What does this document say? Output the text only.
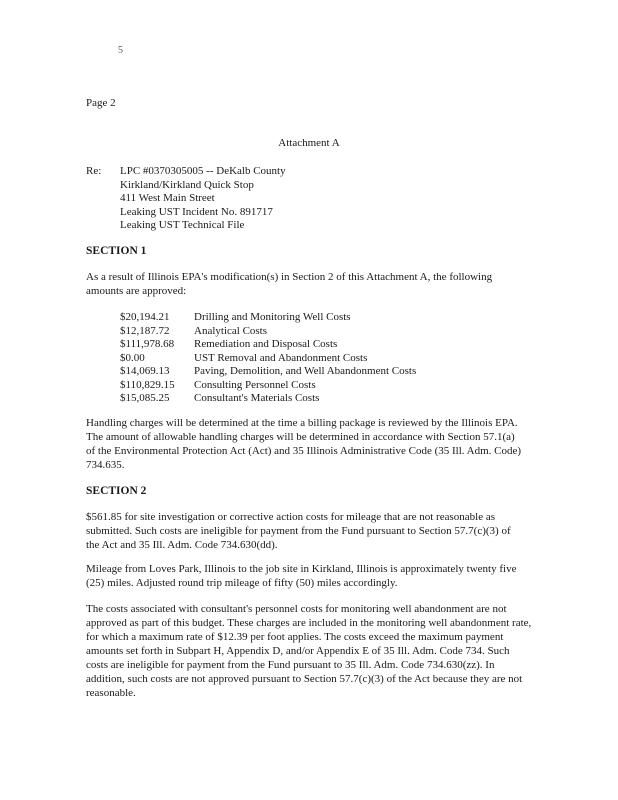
5
Page 2
Attachment A
Re: LPC #0370305005 -- DeKalb County
Kirkland/Kirkland Quick Stop
411 West Main Street
Leaking UST Incident No. 891717
Leaking UST Technical File
SECTION 1

As a result of Illinois EPA's modification(s) in Section 2 of this Attachment A, the following amounts are approved:

$20,194.21 Drilling and Monitoring Well Costs
$12,187.72 Analytical Costs
$111,978.68 Remediation and Disposal Costs
$0.00	UST Removal and Abandonment Costs
$14,069.13 Paving, Demolition, and Well Abandonment Costs
$110,829.15 Consulting Personnel Costs
$15,085.25 Consultant's Materials Costs

Handling charges will be determined at the time a billing package is reviewed by the Illinois EPA. The amount of allowable handling charges will be determined in accordance with Section 57.1(a) of the Environmental Protection Act (Act) and 35 Illinois Administrative Code (35 Ill. Adm. Code) 734.635.

SECTION 2

$561.85 for site investigation or corrective action costs for mileage that are not reasonable as submitted. Such costs are ineligible for payment from the Fund pursuant to Section 57.7(c)(3) of the Act and 35 Ill. Adm. Code 734.630(dd).

Mileage from Loves Park, Illinois to the job site in Kirkland, Illinois is approximately twenty five (25) miles. Adjusted round trip mileage of fifty (50) miles accordingly.

The costs associated with consultant's personnel costs for monitoring well abandonment are not approved as part of this budget. These charges are included in the monitoring well abandonment rate, for which a maximum rate of $12.39 per foot applies. The costs exceed the maximum payment amounts set forth in Subpart H, Appendix D, and/or Appendix E of 35 Ill. Adm. Code 734. Such costs are ineligible for payment from the Fund pursuant to 35 Ill. Adm. Code 734.630(zz). In addition, such costs are not approved pursuant to Section 57.7(c)(3) of the Act because they are not reasonable.
